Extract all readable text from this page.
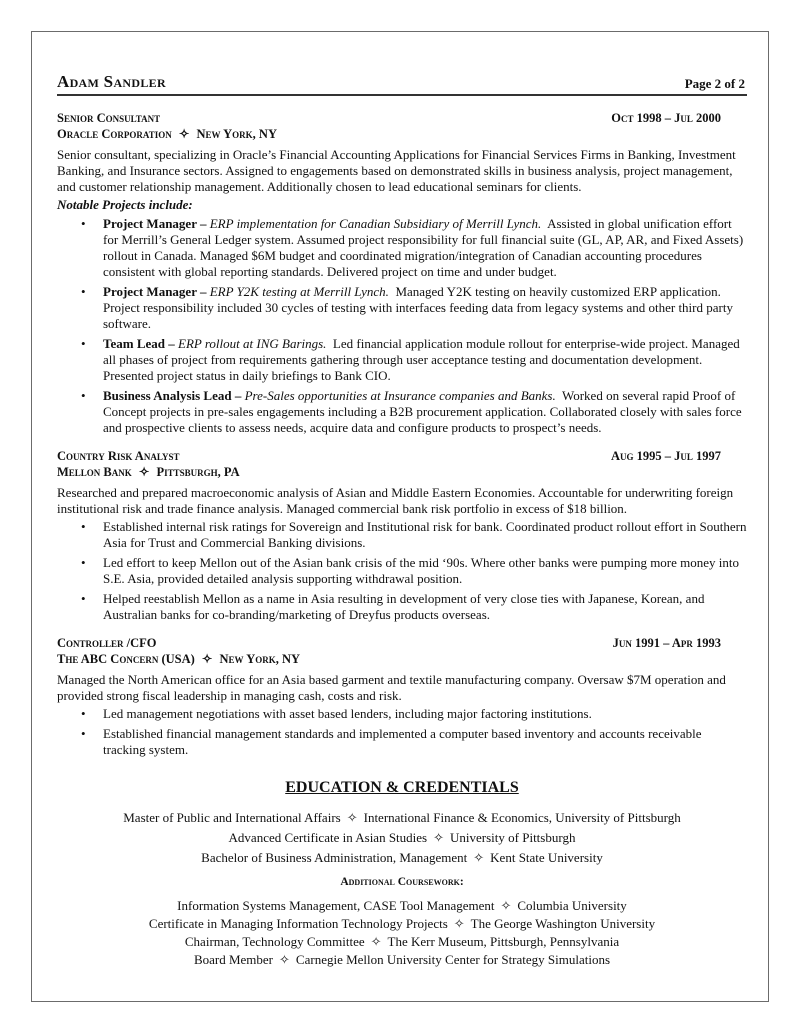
Adam Sandler	Page 2 of 2
Senior Consultant	Oct 1998 – Jul 2000
Oracle Corporation ✧ New York, NY
Senior consultant, specializing in Oracle’s Financial Accounting Applications for Financial Services Firms in Banking, Investment Banking, and Insurance sectors. Assigned to engagements based on demonstrated skills in business analysis, project management, and customer relationship management. Additionally chosen to lead educational seminars for clients.
Notable Projects include:
• Project Manager – ERP implementation for Canadian Subsidiary of Merrill Lynch. Assisted in global unification effort for Merrill’s General Ledger system. Assumed project responsibility for full financial suite (GL, AP, AR, and Fixed Assets) rollout in Canada. Managed $6M budget and coordinated migration/integration of Canadian accounting procedures consistent with global reporting standards. Delivered project on time and under budget.
• Project Manager – ERP Y2K testing at Merrill Lynch. Managed Y2K testing on heavily customized ERP application. Project responsibility included 30 cycles of testing with interfaces feeding data from legacy systems and other third party software.
• Team Lead – ERP rollout at ING Barings. Led financial application module rollout for enterprise-wide project. Managed all phases of project from requirements gathering through user acceptance testing and documentation development. Presented project status in daily briefings to Bank CIO.
• Business Analysis Lead – Pre-Sales opportunities at Insurance companies and Banks. Worked on several rapid Proof of Concept projects in pre-sales engagements including a B2B procurement application. Collaborated closely with sales force and prospective clients to assess needs, acquire data and configure products to prospect’s needs.
Country Risk Analyst	Aug 1995 – Jul 1997
Mellon Bank ✧ Pittsburgh, PA
Researched and prepared macroeconomic analysis of Asian and Middle Eastern Economies. Accountable for underwriting foreign institutional risk and trade finance analysis. Managed commercial bank risk portfolio in excess of $18 billion.
• Established internal risk ratings for Sovereign and Institutional risk for bank. Coordinated product rollout effort in Southern Asia for Trust and Commercial Banking divisions.
• Led effort to keep Mellon out of the Asian bank crisis of the mid ‘90s. Where other banks were pumping more money into S.E. Asia, provided detailed analysis supporting withdrawal position.
• Helped reestablish Mellon as a name in Asia resulting in development of very close ties with Japanese, Korean, and Australian banks for co-branding/marketing of Dreyfus products overseas.
Controller /CFO	Jun 1991 – Apr 1993
The ABC Concern (USA) ✧ New York, NY
Managed the North American office for an Asia based garment and textile manufacturing company. Oversaw $7M operation and provided strong fiscal leadership in managing cash, costs and risk.
• Led management negotiations with asset based lenders, including major factoring institutions.
• Established financial management standards and implemented a computer based inventory and accounts receivable tracking system.
EDUCATION & CREDENTIALS
Master of Public and International Affairs ✧ International Finance & Economics, University of Pittsburgh
Advanced Certificate in Asian Studies ✧ University of Pittsburgh
Bachelor of Business Administration, Management ✧ Kent State University
Additional Coursework:
Information Systems Management, CASE Tool Management ✧ Columbia University
Certificate in Managing Information Technology Projects ✧ The George Washington University
Chairman, Technology Committee ✧ The Kerr Museum, Pittsburgh, Pennsylvania
Board Member ✧ Carnegie Mellon University Center for Strategy Simulations
